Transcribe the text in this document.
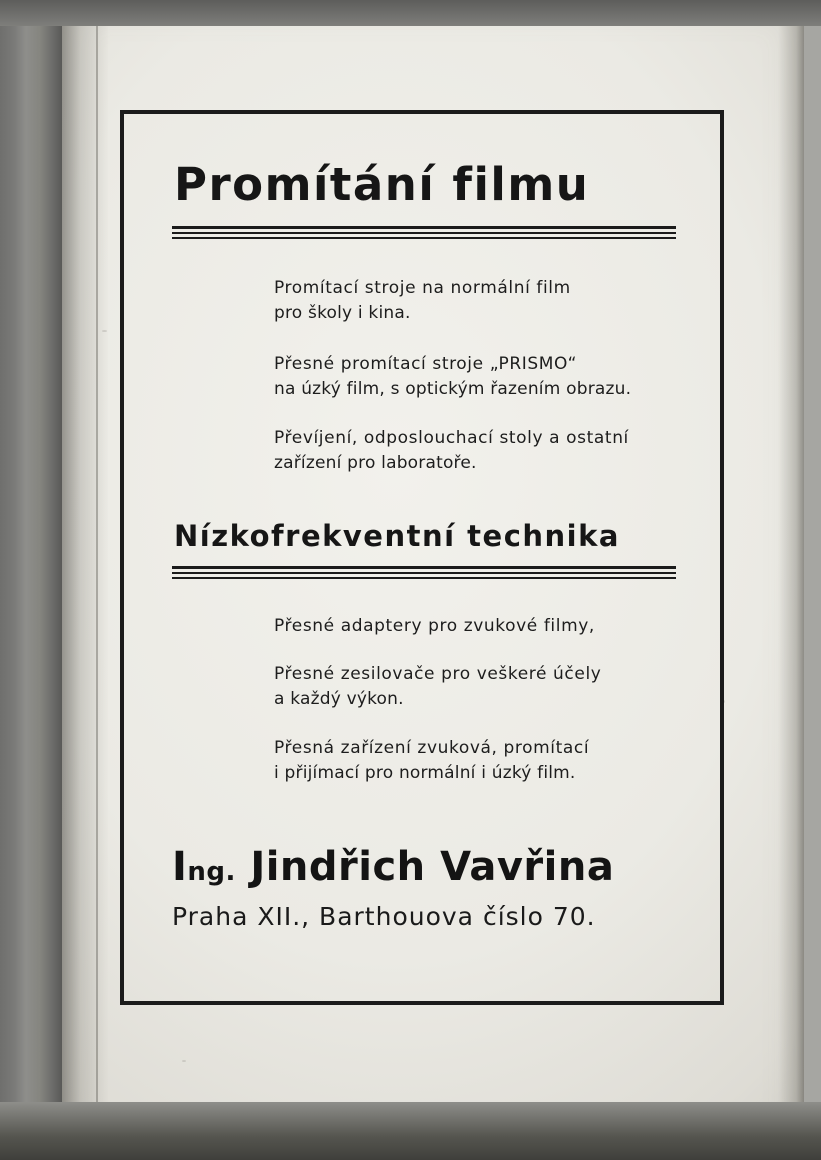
Promítání filmu
Promítací stroje na normální film
pro školy i kina.
Přesné promítací stroje „PRISMO“
na úzký film, s optickým řazením obrazu.
Převíjení, odposlouchací stoly a ostatní
zařízení pro laboratoře.
Nízkofrekventní technika
Přesné adaptery pro zvukové filmy,
Přesné zesilovače pro veškeré účely
a každý výkon.
Přesná zařízení zvuková, promítací
i přijímací pro normální i úzký film.
Ing. Jindřich Vavřina
Praha XII., Barthouova číslo 70.
